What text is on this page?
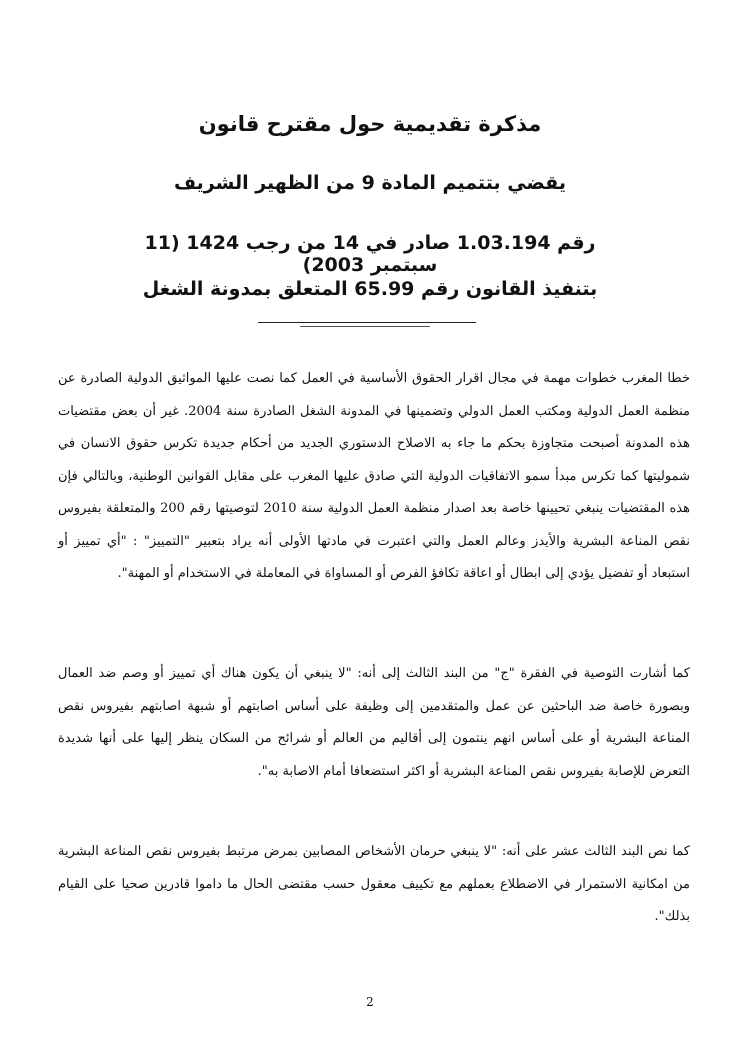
مذكرة تقديمية حول مقترح قانون
يقضي بتتميم المادة 9 من الظهير الشريف
رقم 1.03.194 صادر في 14 من رجب 1424 (11 سبتمبر 2003)
بتنفيذ القانون رقم 65.99 المتعلق بمدونة الشغل

خطا المغرب خطوات مهمة في مجال اقرار الحقوق الأساسية في العمل كما نصت عليها المواثيق الدولية الصادرة عن منظمة العمل الدولية ومكتب العمل الدولي وتضمينها في المدونة الشغل الصادرة سنة 2004. غير أن بعض مقتضيات هذه المدونة أصبحت متجاوزة بحكم ما جاء به الاصلاح الدستوري الجديد من أحكام جديدة تكرس حقوق الانسان في شموليتها كما تكرس مبدأ سمو الاتفاقيات الدولية التي صادق عليها المغرب على مقابل القوانين الوطنية، وبالتالي فإن هذه المقتضيات ينبغي تحيينها خاصة بعد اصدار منظمة العمل الدولية سنة 2010 لتوصيتها رقم 200 والمتعلقة بفيروس نقص المناعة البشرية والأيدز وعالم العمل والتي اعتبرت في مادتها الأولى أنه يراد بتعبير "التمييز" : "أي تمييز أو استبعاد أو تفضيل يؤدي إلى ابطال أو اعاقة تكافؤ الفرص أو المساواة في المعاملة في الاستخدام أو المهنة".

كما أشارت التوصية في الفقرة "ج" من البند الثالث إلى أنه: "لا ينبغي أن يكون هناك أي تمييز أو وصم ضد العمال وبصورة خاصة ضد الباحثين عن عمل والمتقدمين إلى وظيفة على أساس اصابتهم أو شبهة اصابتهم بفيروس نقص المناعة البشرية أو على أساس انهم ينتمون إلى أقاليم من العالم أو شرائح من السكان ينظر إليها على أنها شديدة التعرض للإصابة بفيروس نقص المناعة البشرية أو اكثر استضعافا أمام الاصابة به".

كما نص البند الثالث عشر على أنه: "لا ينبغي حرمان الأشخاص المصابين بمرض مرتبط بفيروس نقص المناعة البشرية من امكانية الاستمرار في الاضطلاع بعملهم مع تكييف معقول حسب مقتضى الحال ما داموا قادرين صحيا على القيام بذلك".

2
